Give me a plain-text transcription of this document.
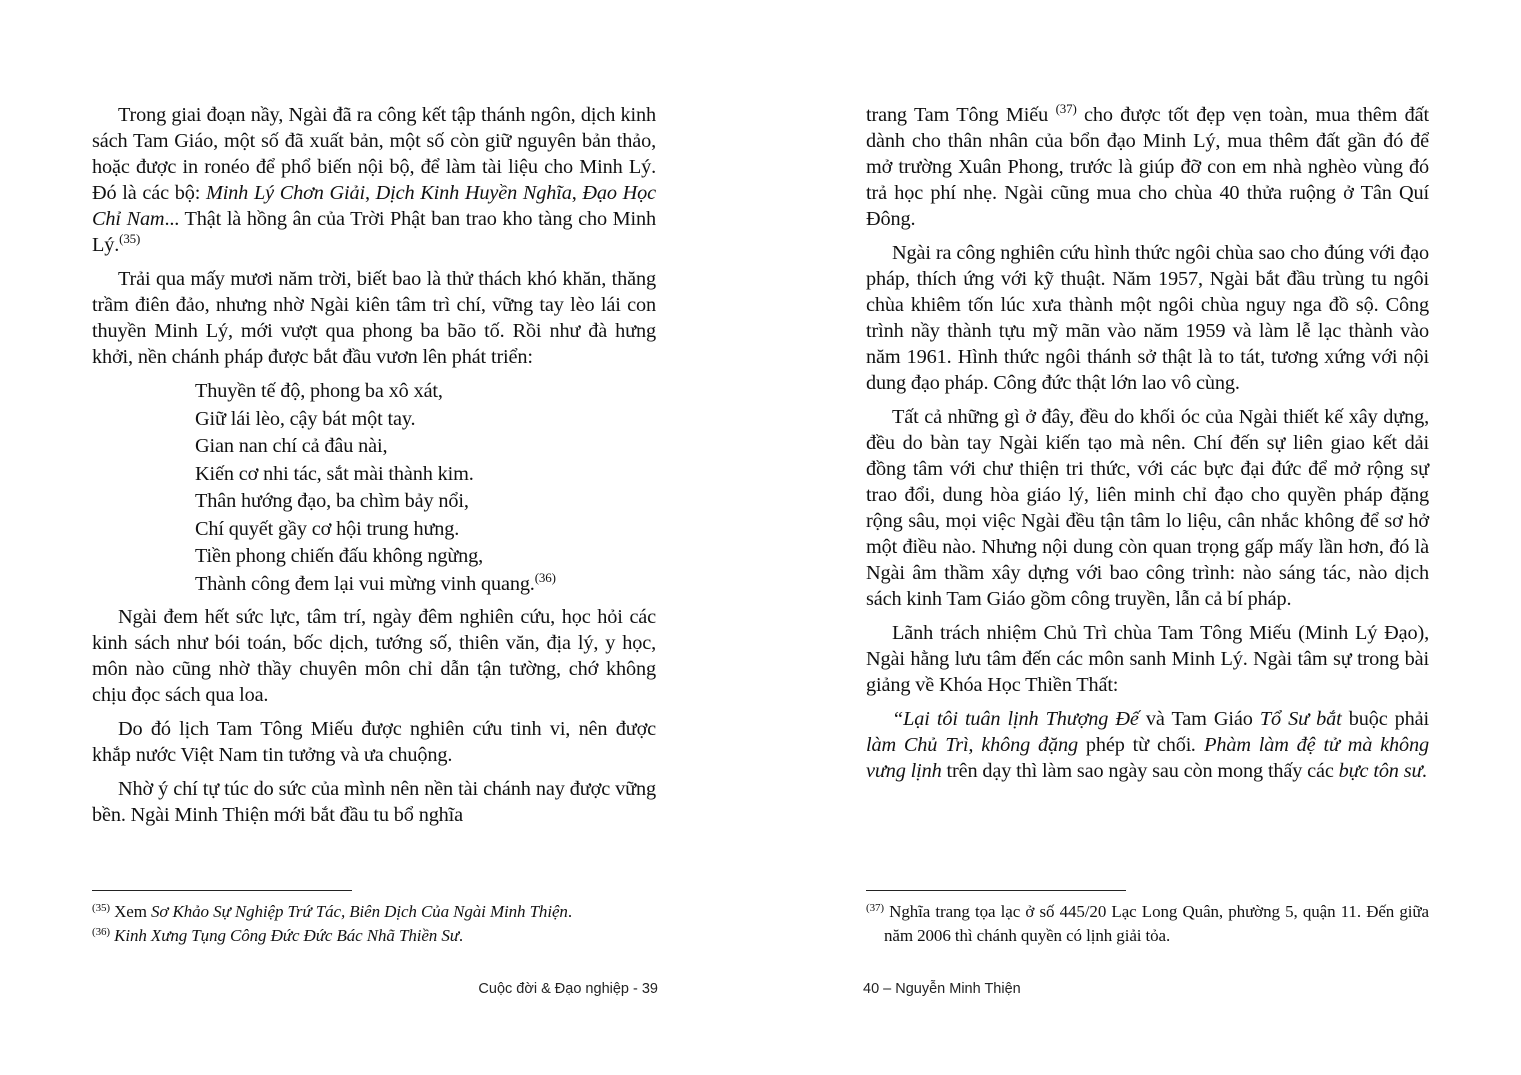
Trong giai đoạn nầy, Ngài đã ra công kết tập thánh ngôn, dịch kinh sách Tam Giáo, một số đã xuất bản, một số còn giữ nguyên bản thảo, hoặc được in ronéo để phổ biến nội bộ, để làm tài liệu cho Minh Lý. Đó là các bộ: Minh Lý Chơn Giải, Dịch Kinh Huyền Nghĩa, Đạo Học Chỉ Nam... Thật là hồng ân của Trời Phật ban trao kho tàng cho Minh Lý.$^{(35)}$

Trải qua mấy mươi năm trời, biết bao là thử thách khó khăn, thăng trầm điên đảo, nhưng nhờ Ngài kiên tâm trì chí, vững tay lèo lái con thuyền Minh Lý, mới vượt qua phong ba bão tố. Rồi như đà hưng khởi, nền chánh pháp được bắt đầu vươn lên phát triển:

Thuyền tế độ, phong ba xô xát,
Giữ lái lèo, cậy bát một tay.
Gian nan chí cả đâu nài,
Kiến cơ nhi tác, sắt mài thành kim.
Thân hướng đạo, ba chìm bảy nổi,
Chí quyết gầy cơ hội trung hưng.
Tiền phong chiến đấu không ngừng,
Thành công đem lại vui mừng vinh quang.$^{(36)}$

Ngài đem hết sức lực, tâm trí, ngày đêm nghiên cứu, học hỏi các kinh sách như bói toán, bốc dịch, tướng số, thiên văn, địa lý, y học, môn nào cũng nhờ thầy chuyên môn chỉ dẫn tận tường, chớ không chịu đọc sách qua loa.

Do đó lịch Tam Tông Miếu được nghiên cứu tinh vi, nên được khắp nước Việt Nam tin tưởng và ưa chuộng.

Nhờ ý chí tự túc do sức của mình nên nền tài chánh nay được vững bền. Ngài Minh Thiện mới bắt đầu tu bổ nghĩa

$^{(35)}$ Xem Sơ Khảo Sự Nghiệp Trứ Tác, Biên Dịch Của Ngài Minh Thiện.

$^{(36)}$ Kinh Xưng Tụng Công Đức Đức Bác Nhã Thiền Sư.

Cuộc đời & Đạo nghiệp - 39

trang Tam Tông Miếu $^{(37)}$ cho được tốt đẹp vẹn toàn, mua thêm đất dành cho thân nhân của bổn đạo Minh Lý, mua thêm đất gần đó để mở trường Xuân Phong, trước là giúp đỡ con em nhà nghèo vùng đó trả học phí nhẹ. Ngài cũng mua cho chùa 40 thửa ruộng ở Tân Quí Đông.

Ngài ra công nghiên cứu hình thức ngôi chùa sao cho đúng với đạo pháp, thích ứng với kỹ thuật. Năm 1957, Ngài bắt đầu trùng tu ngôi chùa khiêm tốn lúc xưa thành một ngôi chùa nguy nga đồ sộ. Công trình nầy thành tựu mỹ mãn vào năm 1959 và làm lễ lạc thành vào năm 1961. Hình thức ngôi thánh sở thật là to tát, tương xứng với nội dung đạo pháp. Công đức thật lớn lao vô cùng.

Tất cả những gì ở đây, đều do khối óc của Ngài thiết kế xây dựng, đều do bàn tay Ngài kiến tạo mà nên. Chí đến sự liên giao kết dải đồng tâm với chư thiện tri thức, với các bực đại đức để mở rộng sự trao đổi, dung hòa giáo lý, liên minh chỉ đạo cho quyền pháp đặng rộng sâu, mọi việc Ngài đều tận tâm lo liệu, cân nhắc không để sơ hở một điều nào. Nhưng nội dung còn quan trọng gấp mấy lần hơn, đó là Ngài âm thầm xây dựng với bao công trình: nào sáng tác, nào dịch sách kinh Tam Giáo gồm công truyền, lẫn cả bí pháp.

Lãnh trách nhiệm Chủ Trì chùa Tam Tông Miếu (Minh Lý Đạo), Ngài hằng lưu tâm đến các môn sanh Minh Lý. Ngài tâm sự trong bài giảng về Khóa Học Thiền Thất:

“Lại tôi tuân lịnh Thượng Đế và Tam Giáo Tổ Sư bắt buộc phải làm Chủ Trì, không đặng phép từ chối. Phàm làm đệ tử mà không vưng lịnh trên dạy thì làm sao ngày sau còn mong thấy các bực tôn sư.

$^{(37)}$ Nghĩa trang tọa lạc ở số 445/20 Lạc Long Quân, phường 5, quận 11. Đến giữa năm 2006 thì chánh quyền có lịnh giải tỏa.

40 – Nguyễn Minh Thiện
